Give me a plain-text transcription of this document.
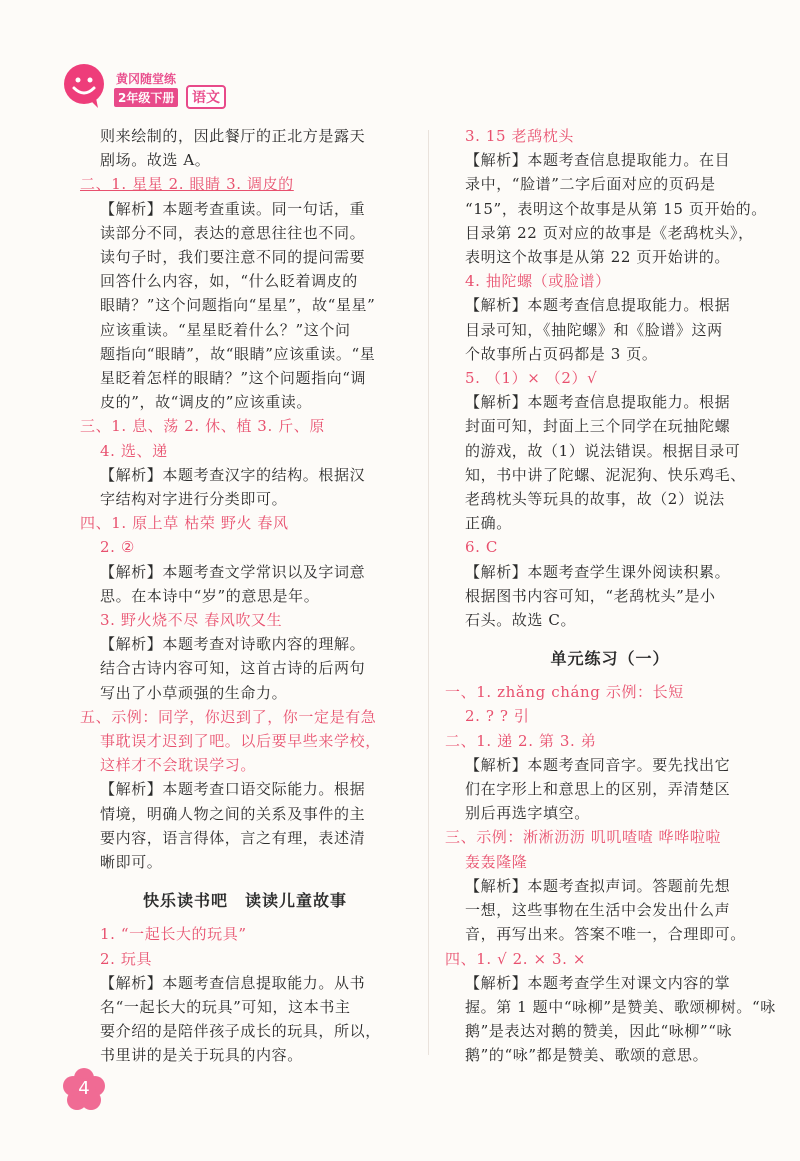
黄冈随堂练
2年级下册	语文
则来绘制的，因此餐厅的正北方是露天
剧场。故选 A。
二、1. 星星 2. 眼睛 3. 调皮的
【解析】本题考查重读。同一句话，重
读部分不同，表达的意思往往也不同。
读句子时，我们要注意不同的提问需要
回答什么内容，如，“什么眨着调皮的
眼睛？”这个问题指向“星星”，故“星星”
应该重读。“星星眨着什么？”这个问
题指向“眼睛”，故“眼睛”应该重读。“星
星眨着怎样的眼睛？”这个问题指向“调
皮的”，故“调皮的”应该重读。
三、1. 息、荡 2. 休、植 3. 斤、原
4. 选、递
【解析】本题考查汉字的结构。根据汉
字结构对字进行分类即可。
四、1. 原上草 枯荣 野火 春风
2. ②
【解析】本题考查文学常识以及字词意
思。在本诗中“岁”的意思是年。
3. 野火烧不尽 春风吹又生
【解析】本题考查对诗歌内容的理解。
结合古诗内容可知，这首古诗的后两句
写出了小草顽强的生命力。
五、示例：同学，你迟到了，你一定是有急
事耽误才迟到了吧。以后要早些来学校，
这样才不会耽误学习。
【解析】本题考查口语交际能力。根据
情境，明确人物之间的关系及事件的主
要内容，语言得体，言之有理，表述清
晰即可。
快乐读书吧　读读儿童故事
1. “一起长大的玩具”
2. 玩具
【解析】本题考查信息提取能力。从书
名“一起长大的玩具”可知，这本书主
要介绍的是陪伴孩子成长的玩具，所以，
书里讲的是关于玩具的内容。
3. 15 老鸹枕头
【解析】本题考查信息提取能力。在目
录中，“脸谱”二字后面对应的页码是
“15”，表明这个故事是从第 15 页开始的。
目录第 22 页对应的故事是《老鸹枕头》，
表明这个故事是从第 22 页开始讲的。
4. 抽陀螺（或脸谱）
【解析】本题考查信息提取能力。根据
目录可知，《抽陀螺》和《脸谱》这两
个故事所占页码都是 3 页。
5. （1）× （2）√
【解析】本题考查信息提取能力。根据
封面可知，封面上三个同学在玩抽陀螺
的游戏，故（1）说法错误。根据目录可
知，书中讲了陀螺、泥泥狗、快乐鸡毛、
老鸹枕头等玩具的故事，故（2）说法
正确。
6. C
【解析】本题考查学生课外阅读积累。
根据图书内容可知，“老鸹枕头”是小
石头。故选 C。
单元练习（一）
一、1. zhǎng cháng 示例：长短
2. ? ? 引
二、1. 递 2. 第 3. 弟
【解析】本题考查同音字。要先找出它
们在字形上和意思上的区别，弄清楚区
别后再选字填空。
三、示例：淅淅沥沥 叽叽喳喳 哗哗啦啦
轰轰隆隆
【解析】本题考查拟声词。答题前先想
一想，这些事物在生活中会发出什么声
音，再写出来。答案不唯一，合理即可。
四、1. √ 2. × 3. ×
【解析】本题考查学生对课文内容的掌
握。第 1 题中“咏柳”是赞美、歌颂柳树。“咏
鹅”是表达对鹅的赞美，因此“咏柳”“咏
鹅”的“咏”都是赞美、歌颂的意思。
4
